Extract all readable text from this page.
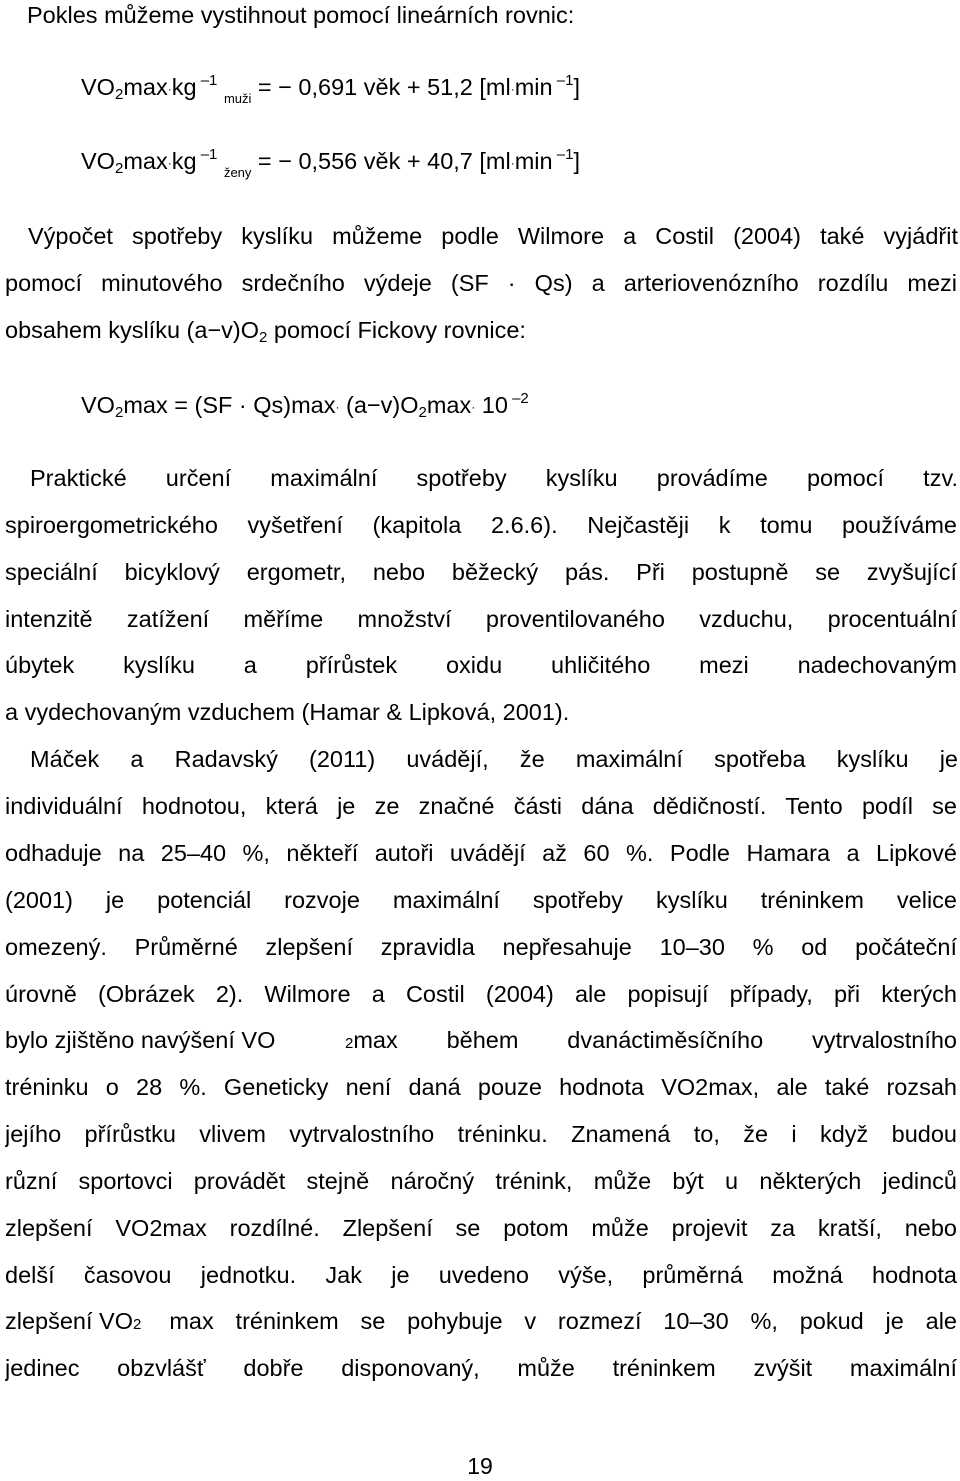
Pokles můžeme vystihnout pomocí lineárních rovnic:
VO2max·kg $^{-1}$ $_{muži}$ = − 0,691 věk + 51,2 [ml·min $^{-1}$]
VO2max·kg $^{-1}$ $_{ženy}$ = − 0,556 věk + 40,7 [ml·min $^{-1}$]
Výpočet spotřeby kyslíku můžeme podle Wilmore a Costil (2004) také vyjádřit
pomocí minutového srdečního výdeje (SF · Qs) a arteriovenózního rozdílu mezi
obsahem kyslíku (a−v)O2 pomocí Fickovy rovnice:
VO2max = (SF · Qs)max· (a−v)O2max· 10 $^{-2}$
Praktické určení maximální spotřeby kyslíku provádíme pomocí tzv.
spiroergometrického vyšetření (kapitola 2.6.6). Nejčastěji k tomu používáme
speciální bicyklový ergometr, nebo běžecký pás. Při postupně se zvyšující
intenzitě zatížení měříme množství proventilovaného vzduchu, procentuální
úbytek kyslíku a přírůstek oxidu uhličitého mezi nadechovaným
a vydechovaným vzduchem (Hamar & Lipková, 2001).
Máček a Radavský (2011) uvádějí, že maximální spotřeba kyslíku je
individuální hodnotou, která je ze značné části dána dědičností. Tento podíl se
odhaduje na 25–40 %, někteří autoři uvádějí až 60 %. Podle Hamara a Lipkové
(2001) je potenciál rozvoje maximální spotřeby kyslíku tréninkem velice
omezený. Průměrné zlepšení zpravidla nepřesahuje 10–30 % od počáteční
úrovně (Obrázek 2). Wilmore a Costil (2004) ale popisují případy, při kterých
bylo zjištěno navýšení VO	2 max během dvanáctiměsíčního vytrvalostního
tréninku o 28 %. Geneticky není daná pouze hodnota VO2max, ale také rozsah
jejího přírůstku vlivem vytrvalostního tréninku. Znamená to, že i když budou
různí sportovci provádět stejně náročný trénink, může být u některých jedinců
zlepšení VO2max rozdílné. Zlepšení se potom může projevit za kratší, nebo
delší časovou jednotku. Jak je uvedeno výše, průměrná možná hodnota
zlepšení VO 2	max tréninkem se pohybuje v rozmezí 10–30 %, pokud je ale
jedinec obzvlášť dobře disponovaný, může tréninkem zvýšit maximální
19
